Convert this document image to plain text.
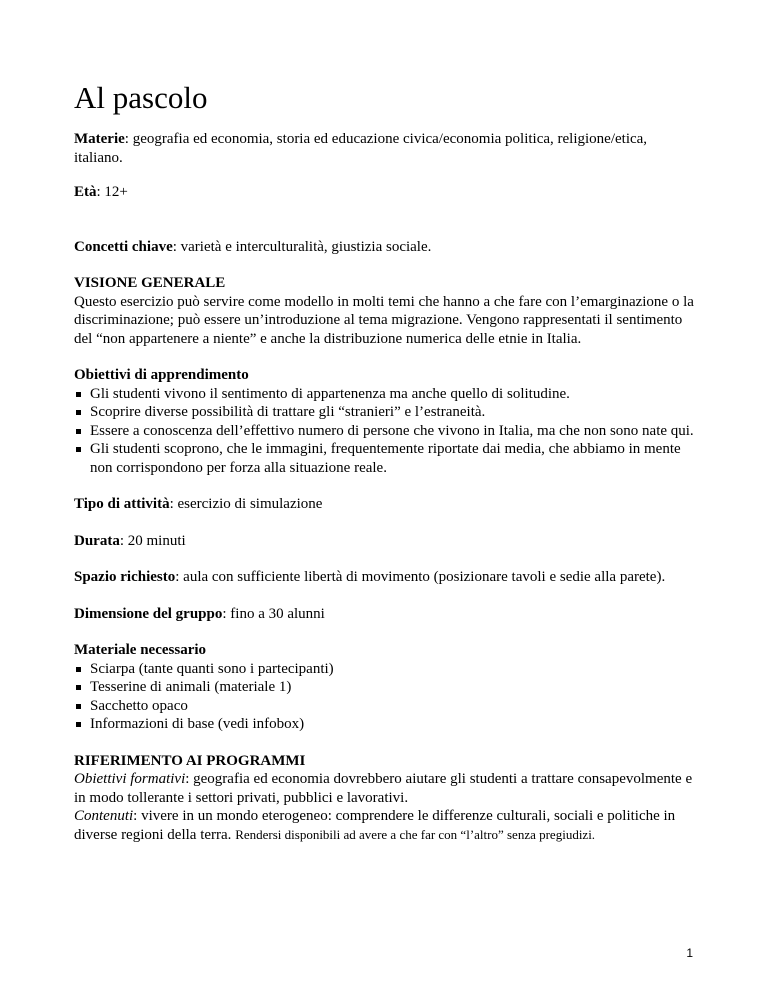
Al pascolo

Materie: geografia ed economia, storia ed educazione civica/economia politica, religione/etica, italiano.

Età: 12+

Concetti chiave: varietà e interculturalità, giustizia sociale.

VISIONE GENERALE

Questo esercizio può servire come modello in molti temi che hanno a che fare con l’emarginazione o la discriminazione; può essere un’introduzione al tema migrazione. Vengono rappresentati il sentimento del “non appartenere a niente” e anche la distribuzione numerica delle etnie in Italia.

Obiettivi di apprendimento

Gli studenti vivono il sentimento di appartenenza ma anche quello di solitudine.
Scoprire diverse possibilità di trattare gli “stranieri” e l’estraneità.
Essere a conoscenza dell’effettivo numero di persone che vivono in Italia, ma che non sono nate qui.
Gli studenti scoprono, che le immagini, frequentemente riportate dai media, che abbiamo in mente non corrispondono per forza alla situazione reale.

Tipo di attività: esercizio di simulazione

Durata: 20 minuti

Spazio richiesto: aula con sufficiente libertà di movimento (posizionare tavoli e sedie alla parete).

Dimensione del gruppo: fino a 30 alunni

Materiale necessario

Sciarpa (tante quanti sono i partecipanti)
Tesserine di animali (materiale 1)
Sacchetto opaco
Informazioni di base (vedi infobox)

RIFERIMENTO AI PROGRAMMI

Obiettivi formativi: geografia ed economia dovrebbero aiutare gli studenti a trattare consapevolmente e in modo tollerante i settori privati, pubblici e lavorativi.

Contenuti: vivere in un mondo eterogeneo: comprendere le differenze culturali, sociali e politiche in diverse regioni della terra. Rendersi disponibili ad avere a che far con “l’altro” senza pregiudizi.

1
